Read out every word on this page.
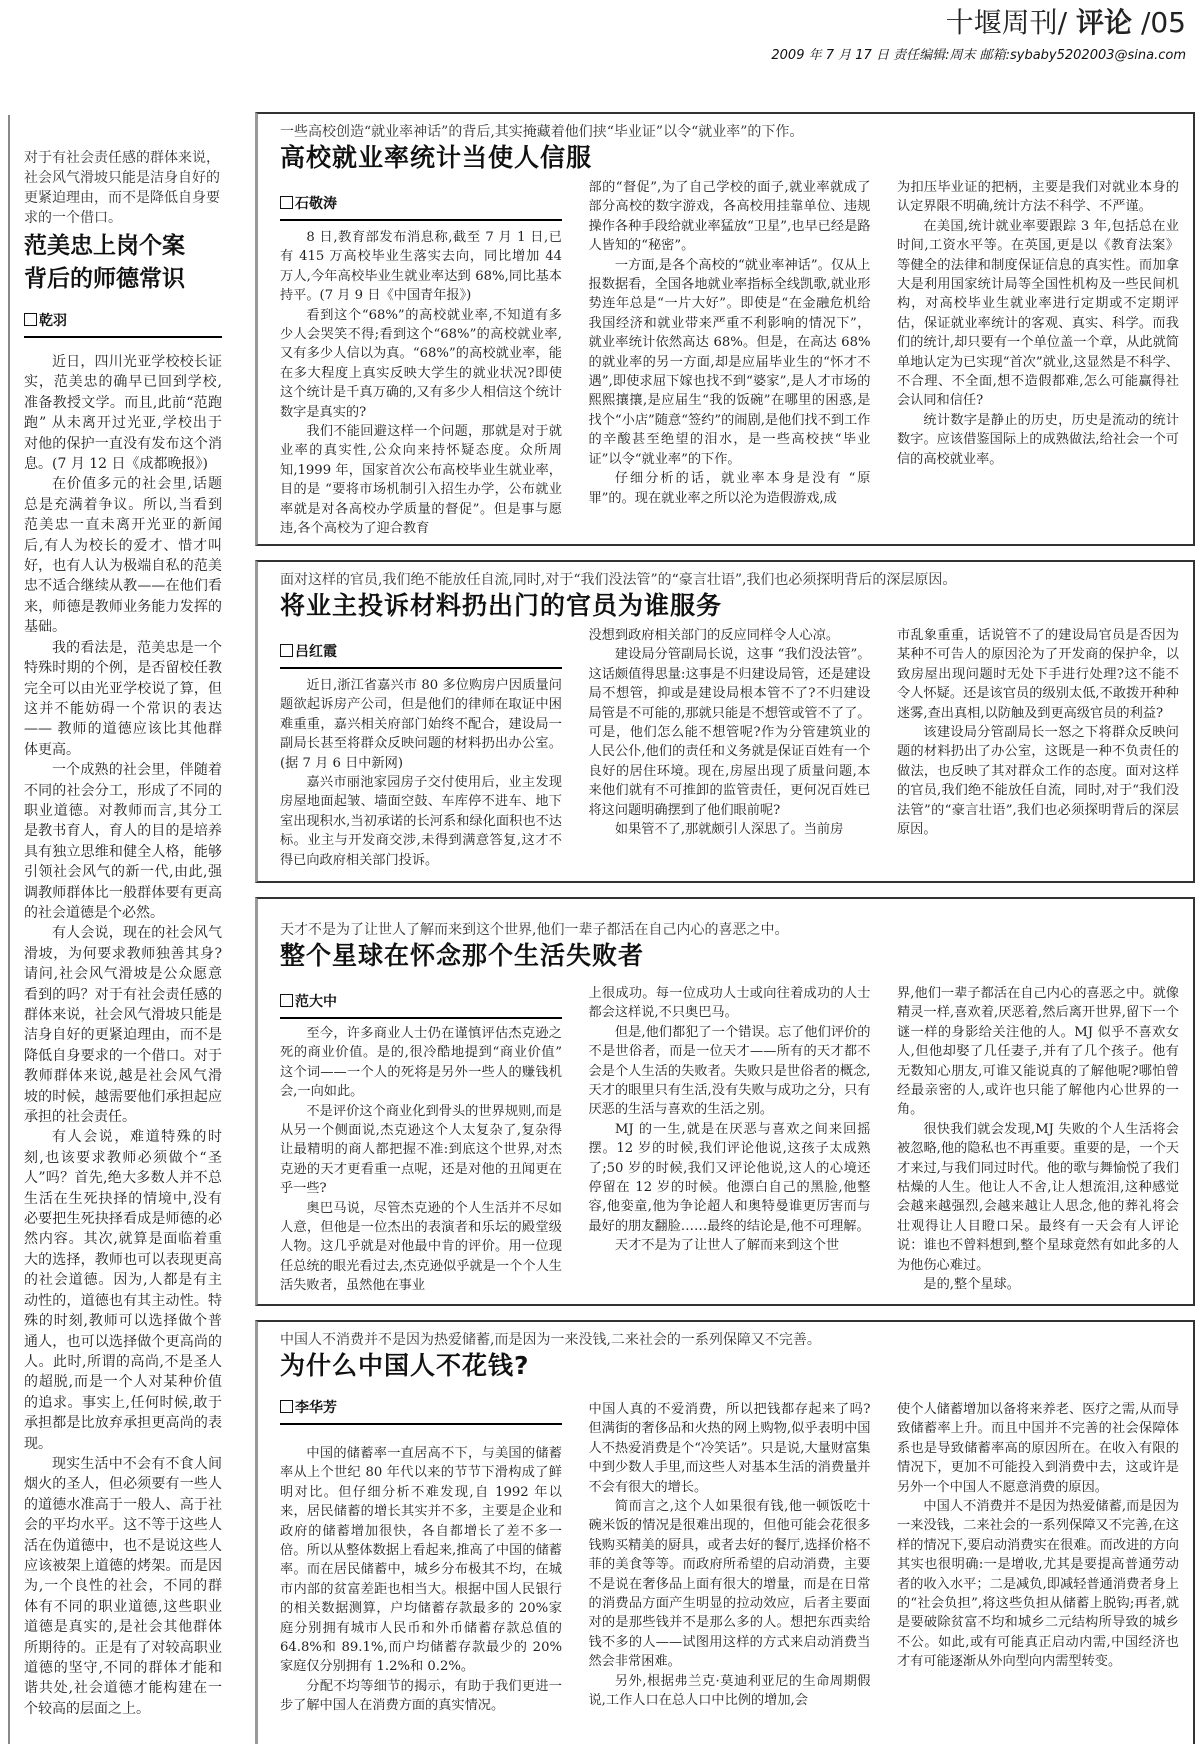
十堰周刊/ 评论 /05
2009 年 7 月 17 日 责任编辑:周末 邮箱:sybaby5202003@sina.com
对于有社会责任感的群体来说，社会风气滑坡只能是洁身自好的更紧迫理由，而不是降低自身要求的一个借口。
范美忠上岗个案
背后的师德常识
乾羽

近日，四川光亚学校校长证实，范美忠的确早已回到学校,准备教授文学。而且,此前“范跑跑” 从未离开过光亚,学校出于对他的保护一直没有发布这个消息。(7 月 12 日《成都晚报》)

在价值多元的社会里,话题总是充满着争议。所以,当看到范美忠一直未离开光亚的新闻后,有人为校长的爱才、惜才叫好，也有人认为极端自私的范美忠不适合继续从教——在他们看来，师德是教师业务能力发挥的基础。

我的看法是，范美忠是一个特殊时期的个例，是否留校任教完全可以由光亚学校说了算，但这并不能妨碍一个常识的表达—— 教师的道德应该比其他群体更高。

一个成熟的社会里，伴随着不同的社会分工，形成了不同的职业道德。对教师而言,其分工是教书育人，育人的目的是培养具有独立思维和健全人格，能够引领社会风气的新一代,由此,强调教师群体比一般群体要有更高的社会道德是个必然。

有人会说，现在的社会风气滑坡，为何要求教师独善其身?请问,社会风气滑坡是公众愿意看到的吗？对于有社会责任感的群体来说，社会风气滑坡只能是洁身自好的更紧迫理由，而不是降低自身要求的一个借口。对于教师群体来说,越是社会风气滑坡的时候，越需要他们承担起应承担的社会责任。

有人会说，难道特殊的时刻,也该要求教师必须做个“圣人”吗？首先,绝大多数人并不总生活在生死抉择的情境中,没有必要把生死抉择看成是师德的必然内容。其次,就算是面临着重大的选择，教师也可以表现更高的社会道德。因为,人都是有主动性的，道德也有其主动性。特殊的时刻,教师可以选择做个普通人，也可以选择做个更高尚的人。此时,所谓的高尚,不是圣人的超脱,而是一个人对某种价值的追求。事实上,任何时候,敢于承担都是比放弃承担更高尚的表现。

现实生活中不会有不食人间烟火的圣人，但必须要有一些人的道德水准高于一般人、高于社会的平均水平。这不等于这些人活在伪道德中，也不是说这些人应该被架上道德的烤架。而是因为,一个良性的社会，不同的群体有不同的职业道德,这些职业道德是真实的,是社会其他群体所期待的。正是有了对较高职业道德的坚守,不同的群体才能和谐共处,社会道德才能构建在一个较高的层面之上。

一些高校创造“就业率神话”的背后,其实掩藏着他们挟“毕业证”以令“就业率”的下作。
高校就业率统计当使人信服
石敬涛

8 日,教育部发布消息称,截至 7 月 1 日,已有 415 万高校毕业生落实去向，同比增加 44 万人,今年高校毕业生就业率达到 68%,同比基本持平。(7 月 9 日《中国青年报》)

看到这个“68%”的高校就业率,不知道有多少人会哭笑不得;看到这个“68%”的高校就业率,又有多少人信以为真。“68%”的高校就业率，能在多大程度上真实反映大学生的就业状况?即使这个统计是千真万确的,又有多少人相信这个统计数字是真实的?

我们不能回避这样一个问题，那就是对于就业率的真实性,公众向来持怀疑态度。众所周知,1999 年，国家首次公布高校毕业生就业率，目的是 “要将市场机制引入招生办学，公布就业率就是对各高校办学质量的督促”。但是事与愿违,各个高校为了迎合教育

部的“督促”,为了自己学校的面子,就业率就成了部分高校的数字游戏，各高校用挂靠单位、违规操作各种手段给就业率猛放“卫星”,也早已经是路人皆知的“秘密”。

一方面,是各个高校的“就业率神话”。仅从上报数据看，全国各地就业率指标全线凯歌,就业形势连年总是“一片大好”。即使是“在金融危机给我国经济和就业带来严重不利影响的情况下”，就业率统计依然高达 68%。但是，在高达 68%的就业率的另一方面,却是应届毕业生的“怀才不遇”,即使求屈下嫁也找不到“婆家”,是人才市场的熙熙攘攘,是应届生“我的饭碗”在哪里的困惑,是找个“小店”随意“签约”的闹剧,是他们找不到工作的辛酸甚至绝望的泪水，是一些高校挟“毕业证”以令“就业率”的下作。

仔细分析的话，就业率本身是没有 “原罪”的。现在就业率之所以沦为造假游戏,成

为扣压毕业证的把柄，主要是我们对就业本身的认定界限不明确,统计方法不科学、不严谨。

在美国,统计就业率要跟踪 3 年,包括总在业时间,工资水平等。在英国,更是以《教育法案》等健全的法律和制度保证信息的真实性。而加拿大是利用国家统计局等全国性机构及一些民间机构，对高校毕业生就业率进行定期或不定期评估，保证就业率统计的客观、真实、科学。而我们的统计,却只要有一个单位盖一个章，从此就简单地认定为已实现“首次”就业,这显然是不科学、不合理、不全面,想不造假都难,怎么可能赢得社会认同和信任?

统计数字是静止的历史，历史是流动的统计数字。应该借鉴国际上的成熟做法,给社会一个可信的高校就业率。

面对这样的官员,我们绝不能放任自流,同时,对于“我们没法管”的“豪言壮语”,我们也必须探明背后的深层原因。
将业主投诉材料扔出门的官员为谁服务
吕红霞

近日,浙江省嘉兴市 80 多位购房户因质量问题欲起诉房产公司，但是他们的律师在取证中困难重重，嘉兴相关府部门始终不配合，建设局一副局长甚至将群众反映问题的材料扔出办公室。(据 7 月 6 日中新网)

嘉兴市丽池家园房子交付使用后，业主发现房屋地面起皱、墙面空鼓、车库停不进车、地下室出现积水,当初承诺的长河系和绿化面积也不达标。业主与开发商交涉,未得到满意答复,这才不得已向政府相关部门投诉。

没想到政府相关部门的反应同样令人心凉。

建设局分管副局长说，这事 “我们没法管”。这话颇值得思量:这事是不归建设局管，还是建设局不想管，抑或是建设局根本管不了?不归建设局管是不可能的,那就只能是不想管或管不了了。可是，他们怎么能不想管呢?作为分管建筑业的人民公仆,他们的责任和义务就是保证百姓有一个良好的居住环境。现在,房屋出现了质量问题,本来他们就有不可推卸的监管责任，更何况百姓已将这问题明确摆到了他们眼前呢?

如果管不了,那就颇引人深思了。当前房

市乱象重重，话说管不了的建设局官员是否因为某种不可告人的原因沦为了开发商的保护伞，以致房屋出现问题时无处下手进行处理?这不能不令人怀疑。还是该官员的级别太低,不敢拨开种种迷雾,查出真相,以防触及到更高级官员的利益?

该建设局分管副局长一怒之下将群众反映问题的材料扔出了办公室，这既是一种不负责任的做法，也反映了其对群众工作的态度。面对这样的官员,我们绝不能放任自流，同时,对于“我们没法管”的“豪言壮语”,我们也必须探明背后的深层原因。

天才不是为了让世人了解而来到这个世界,他们一辈子都活在自己内心的喜恶之中。
整个星球在怀念那个生活失败者
范大中

至今，许多商业人士仍在谨慎评估杰克逊之死的商业价值。是的,很冷酷地提到“商业价值” 这个词——一个人的死将是另外一些人的赚钱机会,一向如此。

不是评价这个商业化到骨头的世界规则,而是从另一个侧面说,杰克逊这个人太复杂了,复杂得让最精明的商人都把握不准:到底这个世界,对杰克逊的天才更看重一点呢，还是对他的丑闻更在乎一些?

奥巴马说，尽管杰克逊的个人生活并不尽如人意，但他是一位杰出的表演者和乐坛的殿堂级人物。这几乎就是对他最中肯的评价。用一位现任总统的眼光看过去,杰克逊似乎就是一个个人生活失败者，虽然他在事业

上很成功。每一位成功人士或向往着成功的人士都会这样说,不只奥巴马。

但是,他们都犯了一个错误。忘了他们评价的不是世俗者，而是一位天才——所有的天才都不会是个人生活的失败者。失败只是世俗者的概念,天才的眼里只有生活,没有失败与成功之分，只有厌恶的生活与喜欢的生活之别。

MJ 的一生,就是在厌恶与喜欢之间来回摇摆。12 岁的时候,我们评论他说,这孩子太成熟了;50 岁的时候,我们又评论他说,这人的心境还停留在 12 岁的时候。他漂白自己的黑脸,他整容,他娈童,他为争论超人和奥特曼谁更厉害而与最好的朋友翻脸……最终的结论是,他不可理解。

天才不是为了让世人了解而来到这个世

界,他们一辈子都活在自己内心的喜恶之中。就像精灵一样,喜欢着,厌恶着,然后离开世界,留下一个谜一样的身影给关注他的人。MJ 似乎不喜欢女人,但他却娶了几任妻子,并有了几个孩子。他有无数知心朋友,可谁又能说真的了解他呢?哪怕曾经最亲密的人,或许也只能了解他内心世界的一角。

很快我们就会发现,MJ 失败的个人生活将会被忽略,他的隐私也不再重要。重要的是，一个天才来过,与我们同过时代。他的歌与舞愉悦了我们枯燥的人生。他让人不舍,让人想流泪,这种感觉会越来越强烈,会越来越让人思念,他的葬礼将会壮观得让人目瞪口呆。最终有一天会有人评论说：谁也不曾料想到,整个星球竟然有如此多的人为他伤心难过。

是的,整个星球。

中国人不消费并不是因为热爱储蓄,而是因为一来没钱,二来社会的一系列保障又不完善。
为什么中国人不花钱?
李华芳

中国的储蓄率一直居高不下，与美国的储蓄率从上个世纪 80 年代以来的节节下滑构成了鲜明对比。但仔细分析不难发现,自 1992 年以来，居民储蓄的增长其实并不多，主要是企业和政府的储蓄增加很快，各自都增长了差不多一倍。所以从整体数据上看起来,推高了中国的储蓄率。而在居民储蓄中，城乡分布极其不均，在城市内部的贫富差距也相当大。根据中国人民银行的相关数据测算，户均储蓄存款最多的 20%家庭分别拥有城市人民币和外币储蓄存款总值的 64.8%和 89.1%,而户均储蓄存款最少的 20%家庭仅分别拥有 1.2%和 0.2%。

分配不均等细节的揭示，有助于我们更进一步了解中国人在消费方面的真实情况。

中国人真的不爱消费，所以把钱都存起来了吗?但满街的奢侈品和火热的网上购物,似乎表明中国人不热爱消费是个“冷笑话”。只是说,大量财富集中到少数人手里,而这些人对基本生活的消费量并不会有很大的增长。

简而言之,这个人如果很有钱,他一顿饭吃十碗米饭的情况是很难出现的，但他可能会花很多钱购买精美的厨具，或者去好的餐厅,选择价格不菲的美食等等。而政府所希望的启动消费，主要不是说在奢侈品上面有很大的增量，而是在日常的消费品方面产生明显的拉动效应，后者主要面对的是那些钱并不是那么多的人。想把东西卖给钱不多的人——试图用这样的方式来启动消费当然会非常困难。

另外,根据弗兰克·莫迪利亚尼的生命周期假说,工作人口在总人口中比例的增加,会

使个人储蓄增加以备将来养老、医疗之需,从而导致储蓄率上升。而且中国并不完善的社会保障体系也是导致储蓄率高的原因所在。在收入有限的情况下，更加不可能投入到消费中去，这或许是另外一个中国人不愿意消费的原因。

中国人不消费并不是因为热爱储蓄,而是因为一来没钱，二来社会的一系列保障又不完善,在这样的情况下,要启动消费实在很难。而改进的方向其实也很明确:一是增收,尤其是要提高普通劳动者的收入水平；二是减负,即减轻普通消费者身上的“社会负担”,将这些负担从储蓄上脱钩;再者,就是要破除贫富不均和城乡二元结构所导致的城乡不公。如此,或有可能真正启动内需,中国经济也才有可能逐渐从外向型向内需型转变。
